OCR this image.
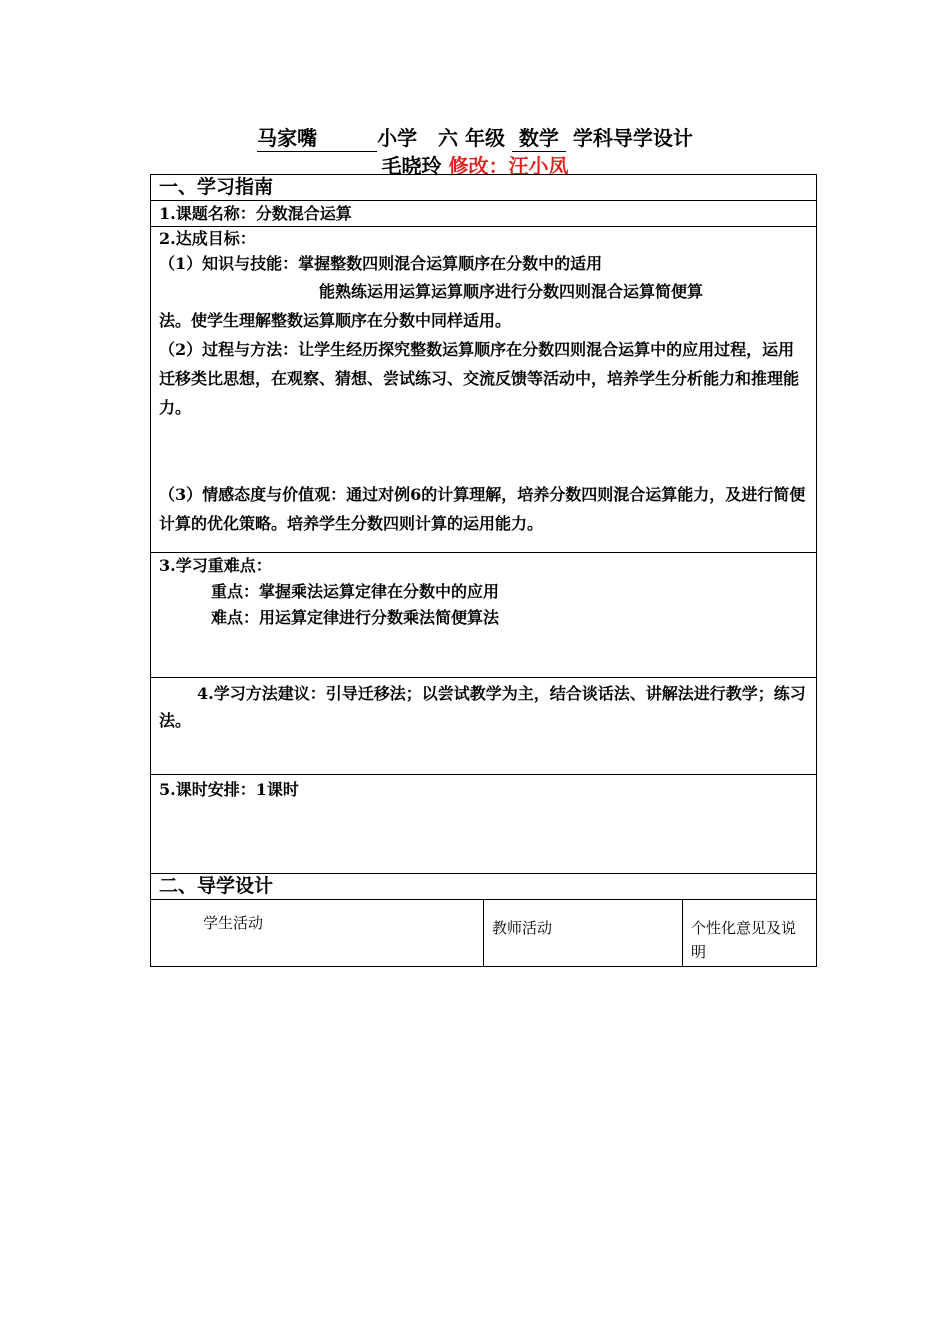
马家嘴	小学 六 年级 数学 学科导学设计
毛晓玲 修改：汪小凤
一、学习指南

1.课题名称：分数混合运算

2.达成目标：
（1）知识与技能：掌握整数四则混合运算顺序在分数中的适用
能熟练运用运算运算顺序进行分数四则混合运算简便算
法。使学生理解整数运算顺序在分数中同样适用。
（2）过程与方法：让学生经历探究整数运算顺序在分数四则混合运算中的应用过程，运用迁移类比思想，在观察、猜想、尝试练习、交流反馈等活动中，培养学生分析能力和推理能力。
（3）情感态度与价值观：通过对例6的计算理解，培养分数四则混合运算能力，及进行简便计算的优化策略。培养学生分数四则计算的运用能力。

3.学习重难点：
重点：掌握乘法运算定律在分数中的应用
难点：用运算定律进行分数乘法简便算法

4.学习方法建议：引导迁移法；以尝试教学为主，结合谈话法、讲解法进行教学；练习法。

5.课时安排：1课时

二、导学设计

学生活动	教师活动	个性化意见及说明
